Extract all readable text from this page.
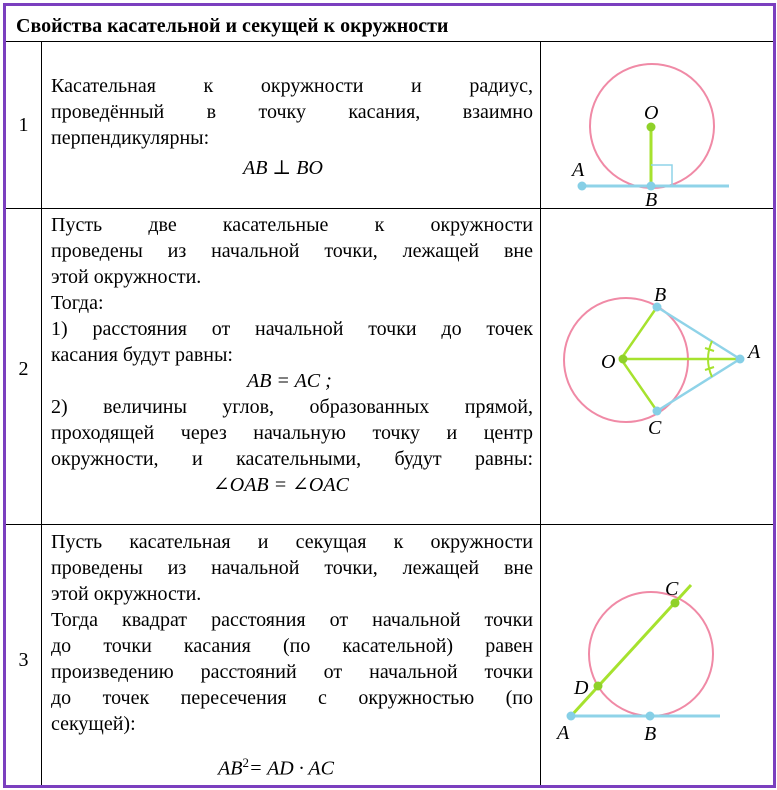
Свойства касательной и секущей к окружности
1
Касательная к окружности и радиус,
проведённый в точку касания, взаимно
перпендикулярны:
AB ⊥ BO
O
A
B
2
Пусть две касательные к окружности
проведены из начальной точки, лежащей вне
этой окружности.
Тогда:
1) расстояния от начальной точки до точек
касания будут равны:
AB = AC ;
2) величины углов, образованных прямой,
проходящей через начальную точку и центр
окружности, и касательными, будут равны:
∠OAB = ∠OAC
B
O	A
C
3
Пусть касательная и секущая к окружности
проведены из начальной точки, лежащей вне
этой окружности.
Тогда квадрат расстояния от начальной точки
до точки касания (по касательной) равен
произведению расстояний от начальной точки
до точек пересечения с окружностью (по
секущей):
$AB^2=$ AD · AC
C
D
A	B
